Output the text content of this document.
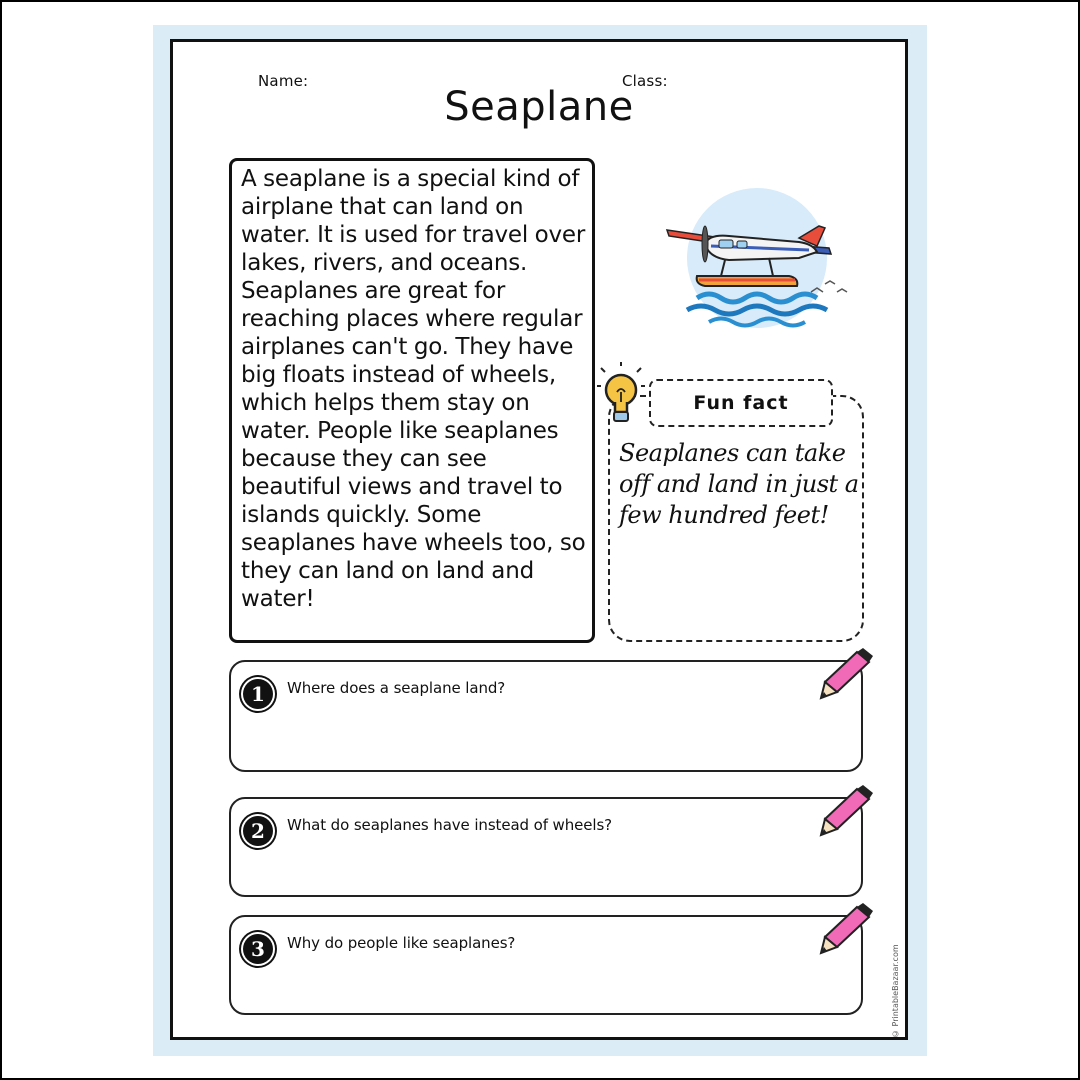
Name:	Class:
Seaplane

A seaplane is a special kind of airplane that can land on water. It is used for travel over lakes, rivers, and oceans. Seaplanes are great for reaching places where regular airplanes can't go. They have big floats instead of wheels, which helps them stay on water. People like seaplanes because they can see beautiful views and travel to islands quickly. Some seaplanes have wheels too, so they can land on land and water!

Fun fact
Seaplanes can take off and land in just a few hundred feet!
1	Where does a seaplane land?
2	What do seaplanes have instead of wheels?
3	Why do people like seaplanes?
© PrintableBazaar.com
